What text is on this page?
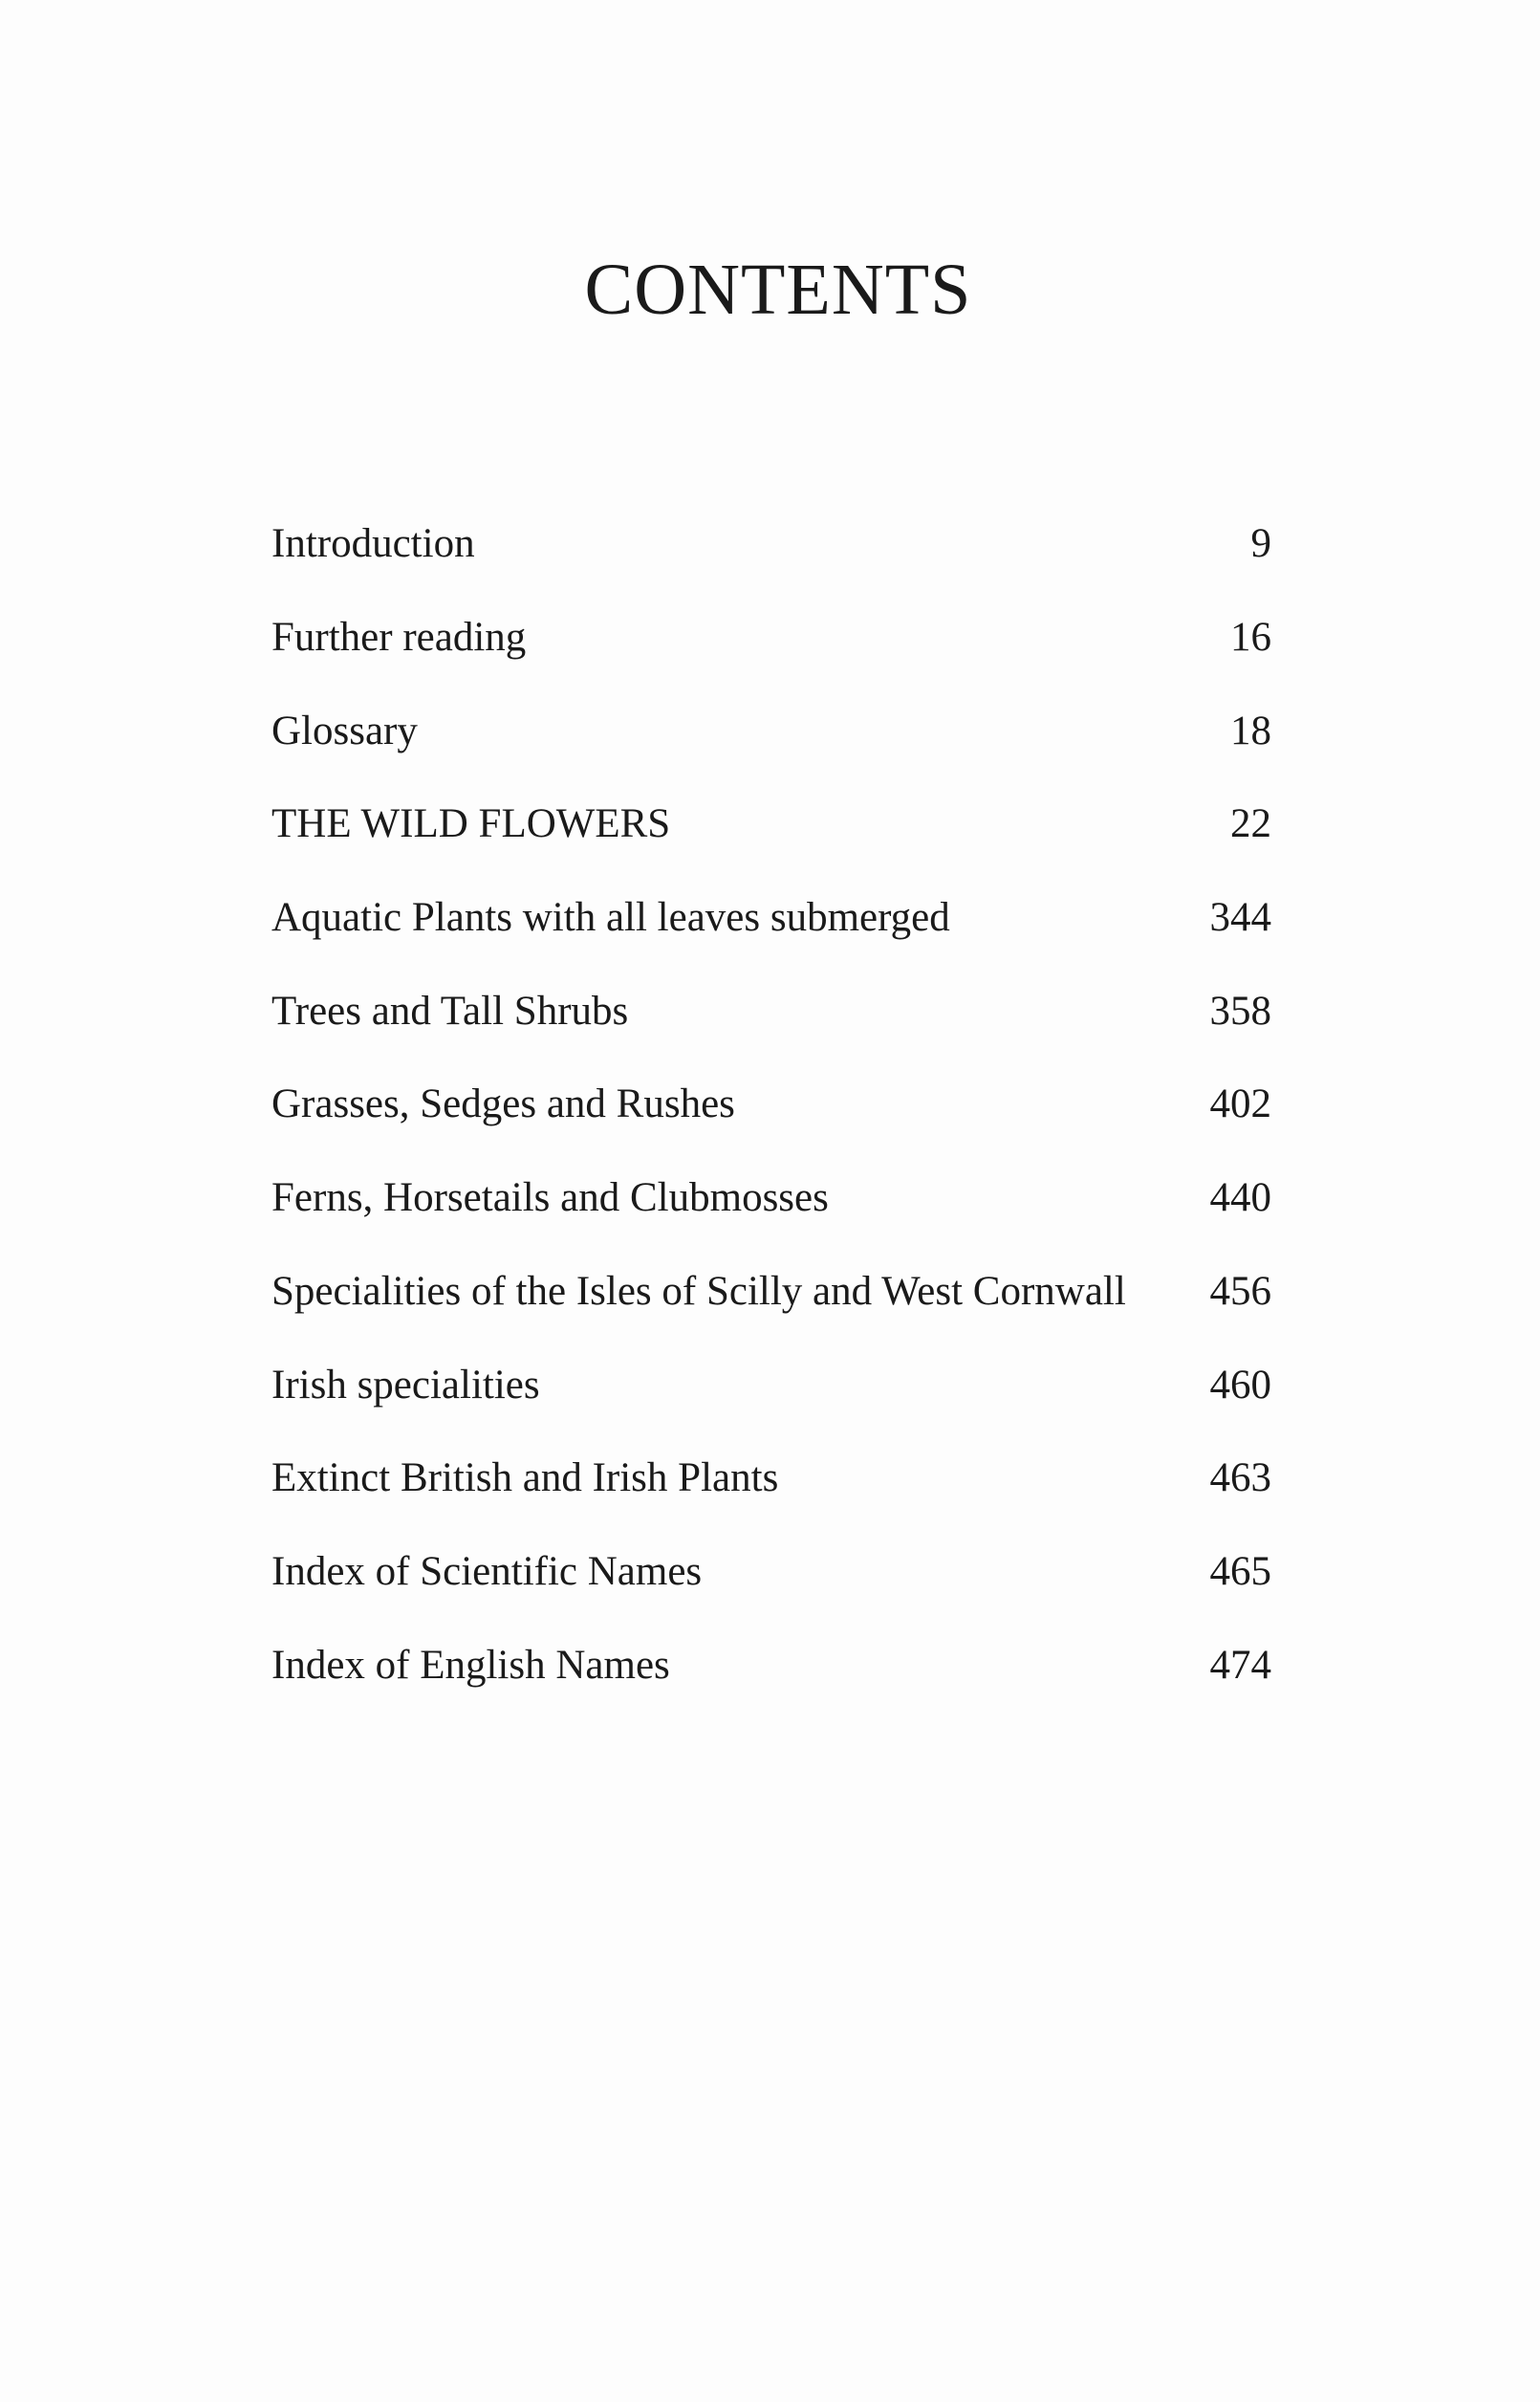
CONTENTS
Introduction	9
Further reading	16
Glossary	18
THE WILD FLOWERS	22
Aquatic Plants with all leaves submerged	344
Trees and Tall Shrubs	358
Grasses, Sedges and Rushes	402
Ferns, Horsetails and Clubmosses	440
Specialities of the Isles of Scilly and West Cornwall 456
Irish specialities	460
Extinct British and Irish Plants	463
Index of Scientific Names	465
Index of English Names	474
